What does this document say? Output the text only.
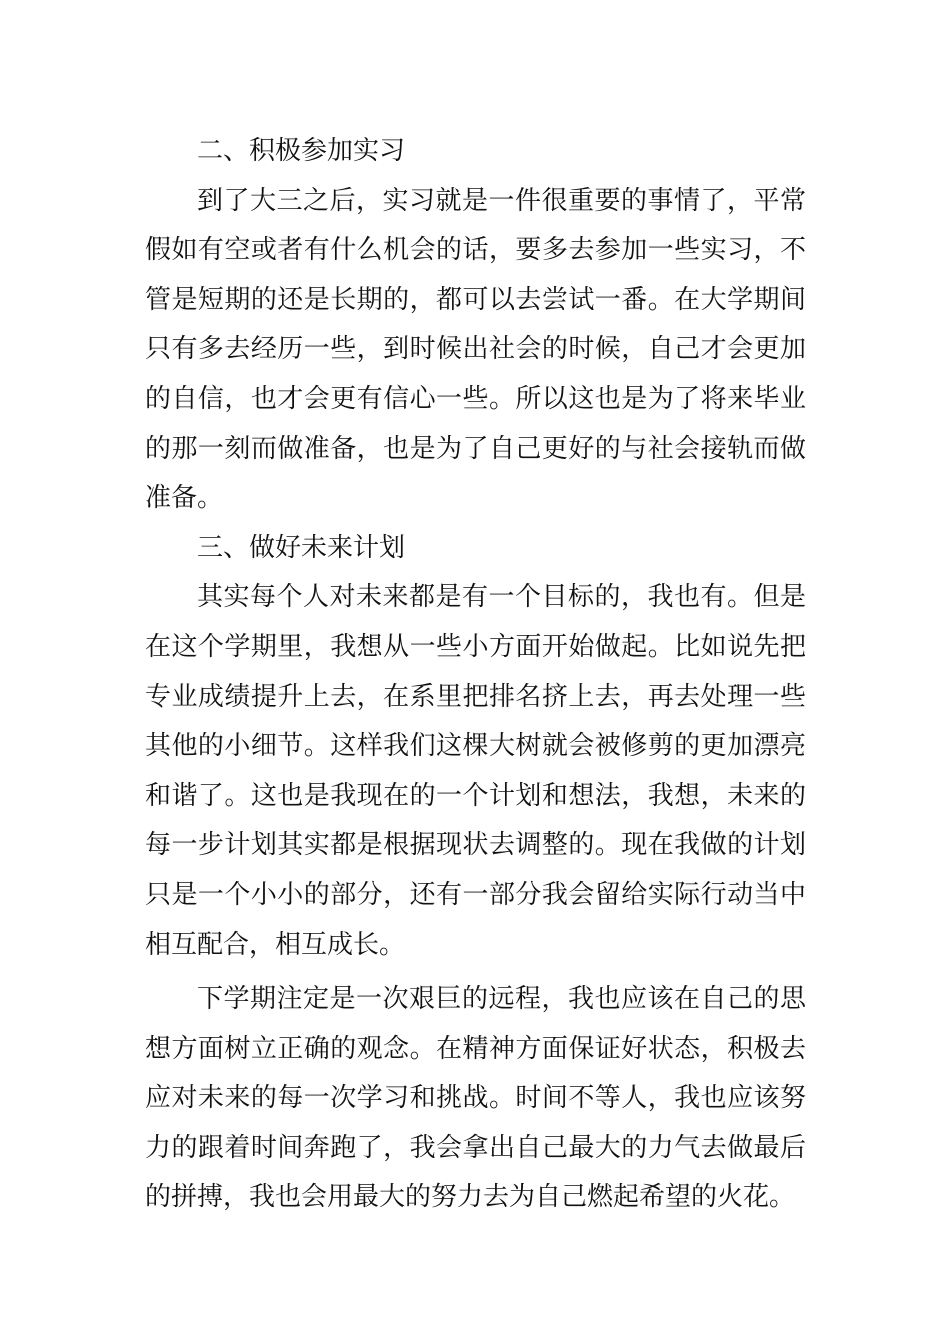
二、积极参加实习

到了大三之后，实习就是一件很重要的事情了，平常假如有空或者有什么机会的话，要多去参加一些实习，不管是短期的还是长期的，都可以去尝试一番。在大学期间只有多去经历一些，到时候出社会的时候，自己才会更加的自信，也才会更有信心一些。所以这也是为了将来毕业的那一刻而做准备，也是为了自己更好的与社会接轨而做准备。

三、做好未来计划

其实每个人对未来都是有一个目标的，我也有。但是在这个学期里，我想从一些小方面开始做起。比如说先把专业成绩提升上去，在系里把排名挤上去，再去处理一些其他的小细节。这样我们这棵大树就会被修剪的更加漂亮和谐了。这也是我现在的一个计划和想法，我想，未来的每一步计划其实都是根据现状去调整的。现在我做的计划只是一个小小的部分，还有一部分我会留给实际行动当中相互配合，相互成长。

下学期注定是一次艰巨的远程，我也应该在自己的思想方面树立正确的观念。在精神方面保证好状态，积极去应对未来的每一次学习和挑战。时间不等人，我也应该努力的跟着时间奔跑了，我会拿出自己最大的力气去做最后的拼搏，我也会用最大的努力去为自己燃起希望的火花。
